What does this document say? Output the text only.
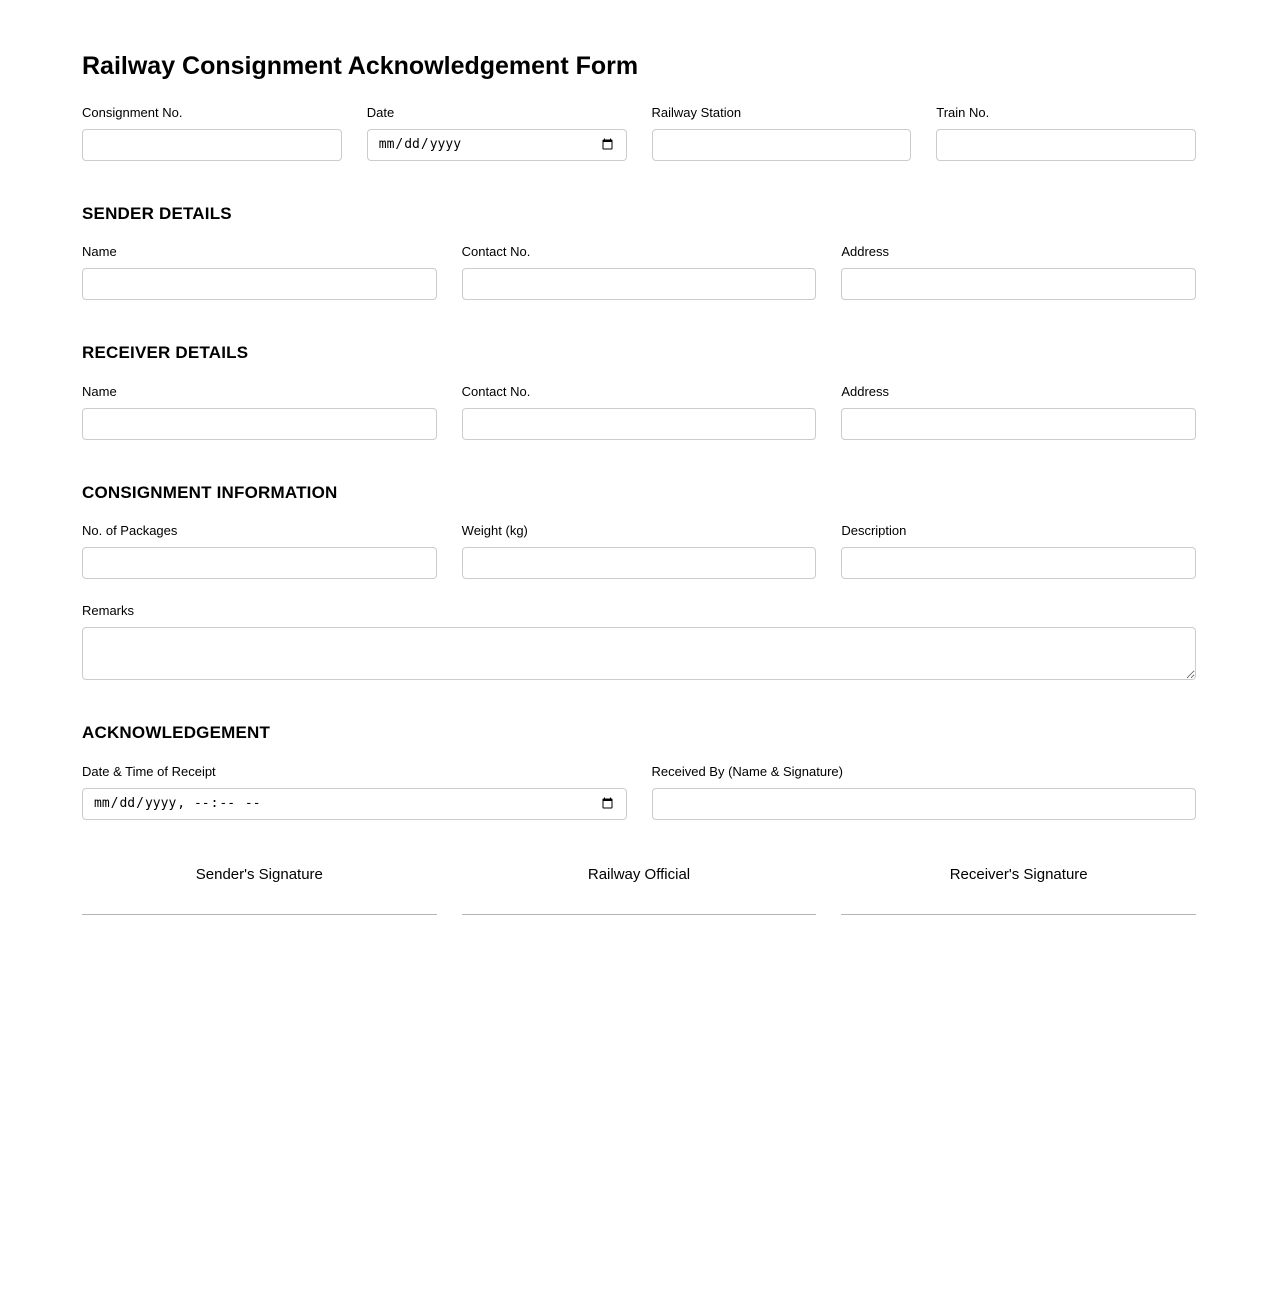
Railway Consignment Acknowledgement Form
Consignment No.	Date	Railway Station	Train No.
SENDER DETAILS
Name	Contact No.	Address
RECEIVER DETAILS
Name	Contact No.	Address
CONSIGNMENT INFORMATION
No. of Packages	Weight (kg)	Description
Remarks
ACKNOWLEDGEMENT
Date & Time of Receipt	Received By (Name & Signature)
Sender's Signature	Railway Official	Receiver's Signature
